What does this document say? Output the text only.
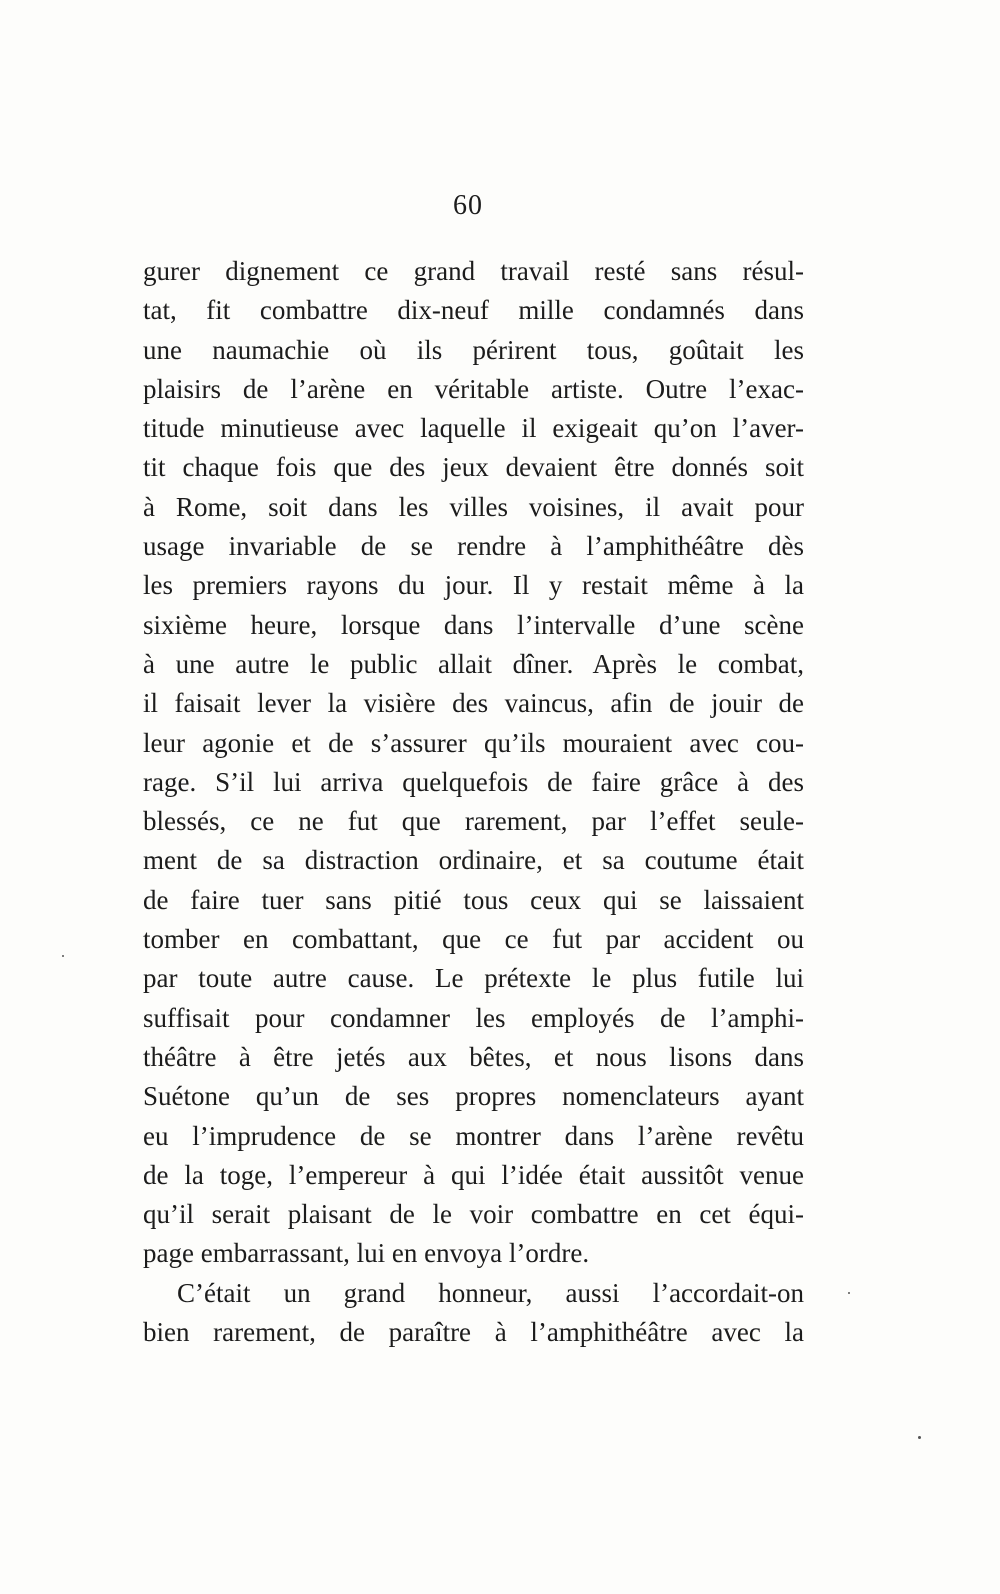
60
gurer dignement ce grand travail resté sans résul-
tat, fit combattre dix-neuf mille condamnés dans
une naumachie où ils périrent tous, goûtait les
plaisirs de l’arène en véritable artiste. Outre l’exac-
titude minutieuse avec laquelle il exigeait qu’on l’aver-
tit chaque fois que des jeux devaient être donnés soit
à Rome, soit dans les villes voisines, il avait pour
usage invariable de se rendre à l’amphithéâtre dès
les premiers rayons du jour. Il y restait même à la
sixième heure, lorsque dans l’intervalle d’une scène
à une autre le public allait dîner. Après le combat,
il faisait lever la visière des vaincus, afin de jouir de
leur agonie et de s’assurer qu’ils mouraient avec cou-
rage. S’il lui arriva quelquefois de faire grâce à des
blessés, ce ne fut que rarement, par l’effet seule-
ment de sa distraction ordinaire, et sa coutume était
de faire tuer sans pitié tous ceux qui se laissaient
tomber en combattant, que ce fut par accident ou
par toute autre cause. Le prétexte le plus futile lui
suffisait pour condamner les employés de l’amphi-
théâtre à être jetés aux bêtes, et nous lisons dans
Suétone qu’un de ses propres nomenclateurs ayant
eu l’imprudence de se montrer dans l’arène revêtu
de la toge, l’empereur à qui l’idée était aussitôt venue
qu’il serait plaisant de le voir combattre en cet équi-
page embarrassant, lui en envoya l’ordre.
C’était un grand honneur, aussi l’accordait-on
bien rarement, de paraître à l’amphithéâtre avec la
